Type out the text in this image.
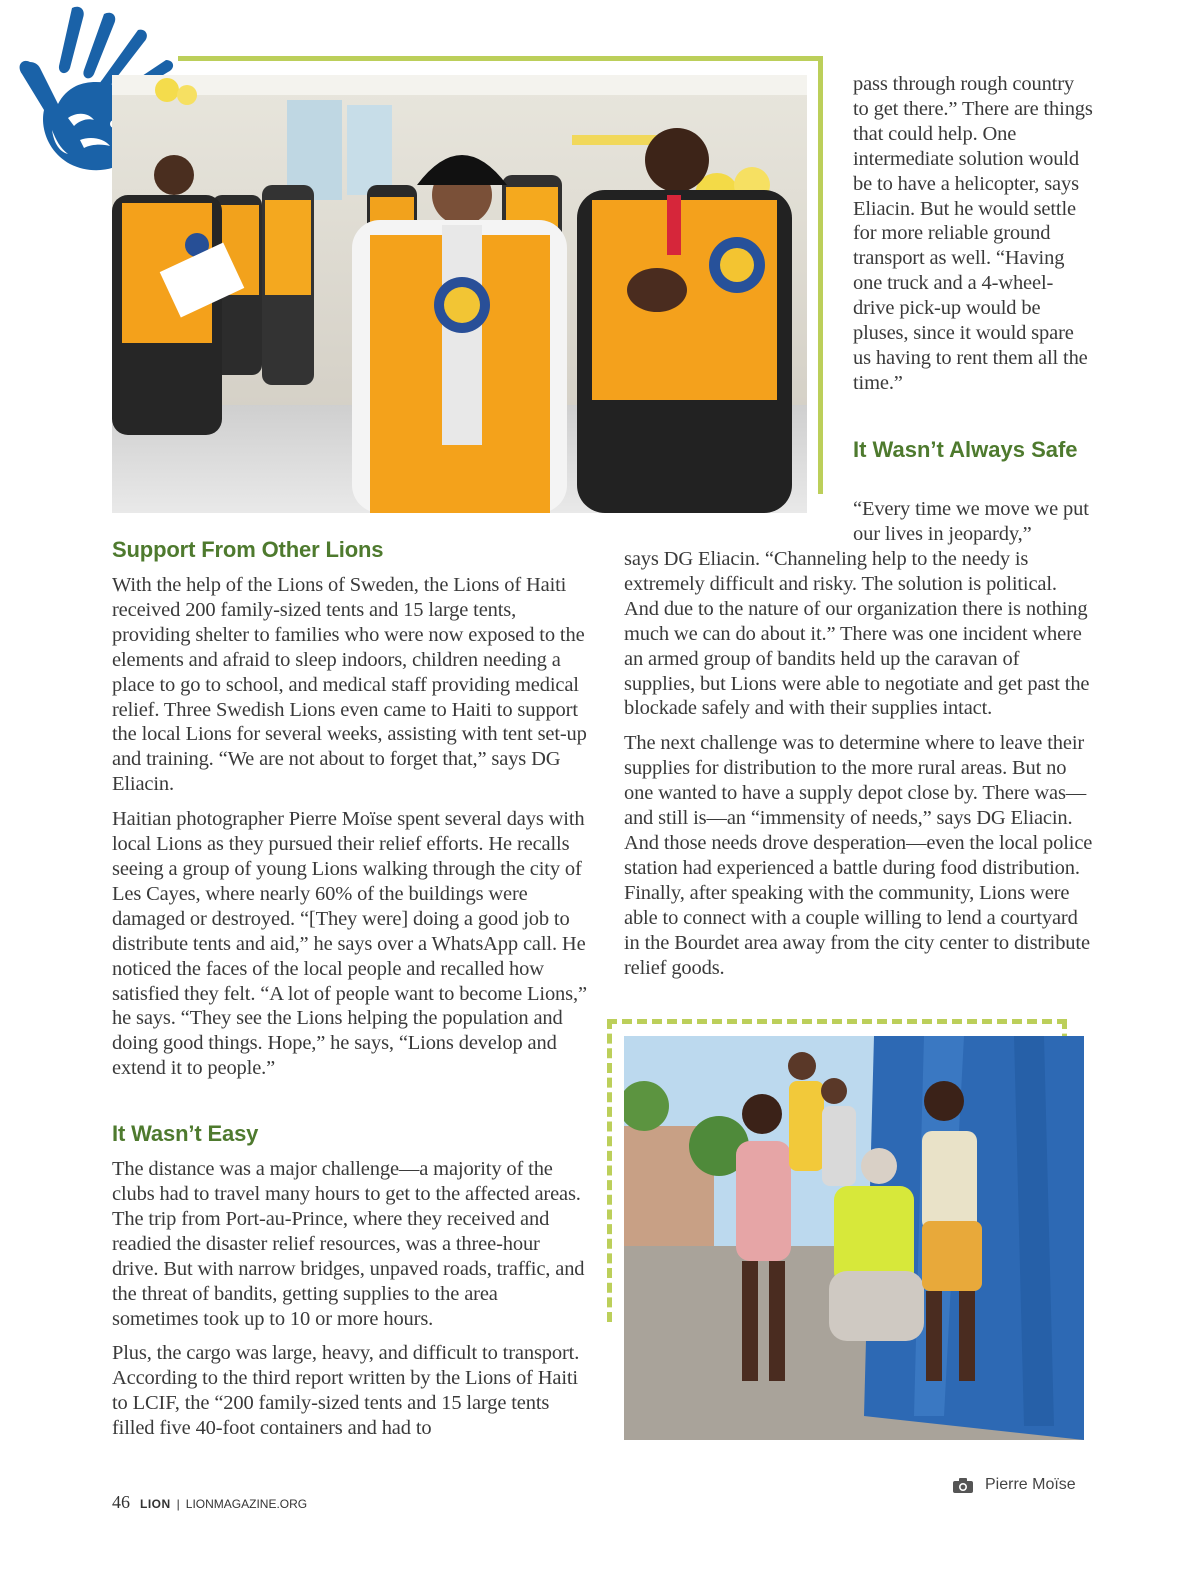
pass through rough country to get there.” There are things that could help. One intermediate solution would be to have a helicopter, says Eliacin. But he would settle for more reliable ground transport as well. “Having one truck and a 4-wheel-drive pick-up would be pluses, since it would spare us having to rent them all the time.”

It Wasn’t Always Safe
“Every time we move we put our lives in jeopardy,”

says DG Eliacin. “Channeling help to the needy is extremely difficult and risky. The solution is political. And due to the nature of our organization there is nothing much we can do about it.” There was one incident where an armed group of bandits held up the caravan of supplies, but Lions were able to negotiate and get past the blockade safely and with their supplies intact.

The next challenge was to determine where to leave their supplies for distribution to the more rural areas. But no one wanted to have a supply depot close by. There was—and still is—an “immensity of needs,” says DG Eliacin. And those needs drove desperation—even the local police station had experienced a battle during food distribution. Finally, after speaking with the community, Lions were able to connect with a couple willing to lend a courtyard in the Bourdet area away from the city center to distribute relief goods.

Support From Other Lions

With the help of the Lions of Sweden, the Lions of Haiti received 200 family-sized tents and 15 large tents, providing shelter to families who were now exposed to the elements and afraid to sleep indoors, children needing a place to go to school, and medical staff providing medical relief. Three Swedish Lions even came to Haiti to support the local Lions for several weeks, assisting with tent set-up and training. “We are not about to forget that,” says DG Eliacin.

Haitian photographer Pierre Moïse spent several days with local Lions as they pursued their relief efforts. He recalls seeing a group of young Lions walking through the city of Les Cayes, where nearly 60% of the buildings were damaged or destroyed. “[They were] doing a good job to distribute tents and aid,” he says over a WhatsApp call. He noticed the faces of the local people and recalled how satisfied they felt. “A lot of people want to become Lions,” he says. “They see the Lions helping the population and doing good things. Hope,” he says, “Lions develop and extend it to people.”

It Wasn’t Easy

The distance was a major challenge—a majority of the clubs had to travel many hours to get to the affected areas. The trip from Port-au-Prince, where they received and readied the disaster relief resources, was a three-hour drive. But with narrow bridges, unpaved roads, traffic, and the threat of bandits, getting supplies to the area sometimes took up to 10 or more hours.

Plus, the cargo was large, heavy, and difficult to transport. According to the third report written by the Lions of Haiti to LCIF, the “200 family-sized tents and 15 large tents filled five 40-foot containers and had to

46 LION | LIONMAGAZINE.ORG
Pierre Moïse
